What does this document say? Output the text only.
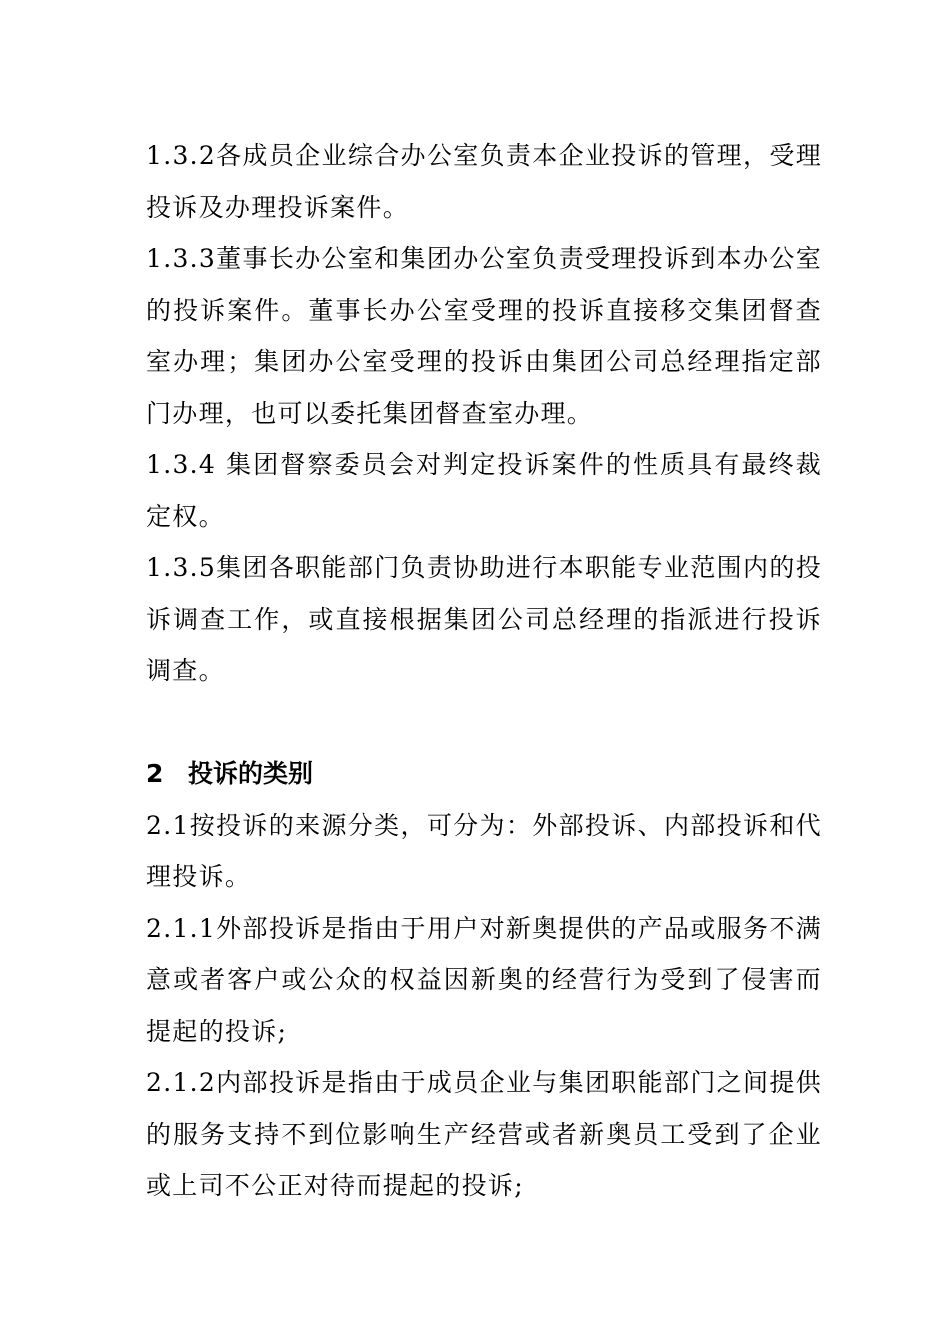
1.3.2各成员企业综合办公室负责本企业投诉的管理，受理投诉及办理投诉案件。

1.3.3董事长办公室和集团办公室负责受理投诉到本办公室的投诉案件。董事长办公室受理的投诉直接移交集团督查室办理；集团办公室受理的投诉由集团公司总经理指定部门办理，也可以委托集团督查室办理。

1.3.4 集团督察委员会对判定投诉案件的性质具有最终裁定权。

1.3.5集团各职能部门负责协助进行本职能专业范围内的投诉调查工作，或直接根据集团公司总经理的指派进行投诉调查。

2 投诉的类别

2.1按投诉的来源分类，可分为：外部投诉、内部投诉和代理投诉。

2.1.1外部投诉是指由于用户对新奥提供的产品或服务不满意或者客户或公众的权益因新奥的经营行为受到了侵害而提起的投诉;

2.1.2内部投诉是指由于成员企业与集团职能部门之间提供的服务支持不到位影响生产经营或者新奥员工受到了企业或上司不公正对待而提起的投诉;
